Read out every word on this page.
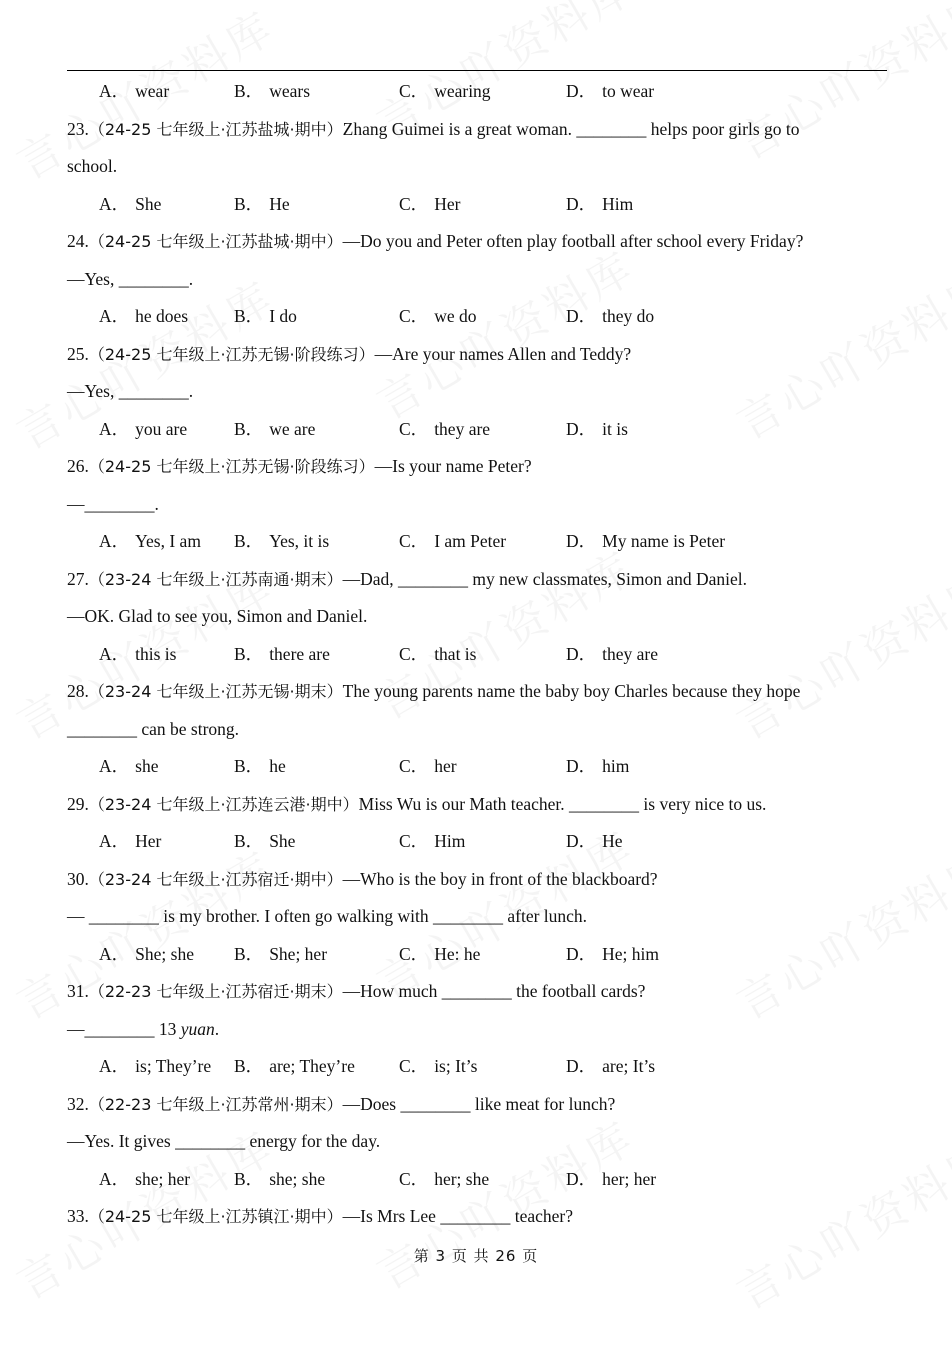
A． wear	B． wears	C． wearing	D． to wear
23.（24-25 七年级上·江苏盐城·期中）Zhang Guimei is a great woman. ________ helps poor girls go to
school.
A． She	B． He	C． Her	D． Him
24.（24-25 七年级上·江苏盐城·期中）—Do you and Peter often play football after school every Friday?
—Yes, ________.
A． he does	B． I do	C． we do	D． they do
25.（24-25 七年级上·江苏无锡·阶段练习）—Are your names Allen and Teddy?
—Yes, ________.
A． you are	B． we are	C． they are	D． it is
26.（24-25 七年级上·江苏无锡·阶段练习）—Is your name Peter?
—________.
A． Yes, I am B． Yes, it is	C． I am Peter	D． My name is Peter
27.（23-24 七年级上·江苏南通·期末）—Dad, ________ my new classmates, Simon and Daniel.
—OK. Glad to see you, Simon and Daniel.
A． this is	B． there are	C． that is	D． they are
28.（23-24 七年级上·江苏无锡·期末）The young parents name the baby boy Charles because they hope
________ can be strong.
A． she	B． he	C． her	D． him
29.（23-24 七年级上·江苏连云港·期中）Miss Wu is our Math teacher. ________ is very nice to us.
A． Her	B． She	C． Him	D． He
30.（23-24 七年级上·江苏宿迁·期中）—Who is the boy in front of the blackboard?
— ________ is my brother. I often go walking with ________ after lunch.
A． She; she B． She; her	C． He: he	D． He; him
31.（22-23 七年级上·江苏宿迁·期末）—How much ________ the football cards?
—________ 13 yuan.
A． is; They’re B． are; They’re	C． is; It’s	D． are; It’s
32.（22-23 七年级上·江苏常州·期末）—Does ________ like meat for lunch?
—Yes. It gives ________ energy for the day.
A． she; her	B． she; she	C． her; she	D． her; her
33.（24-25 七年级上·江苏镇江·期中）—Is Mrs Lee ________ teacher?
第 3 页 共 26 页
